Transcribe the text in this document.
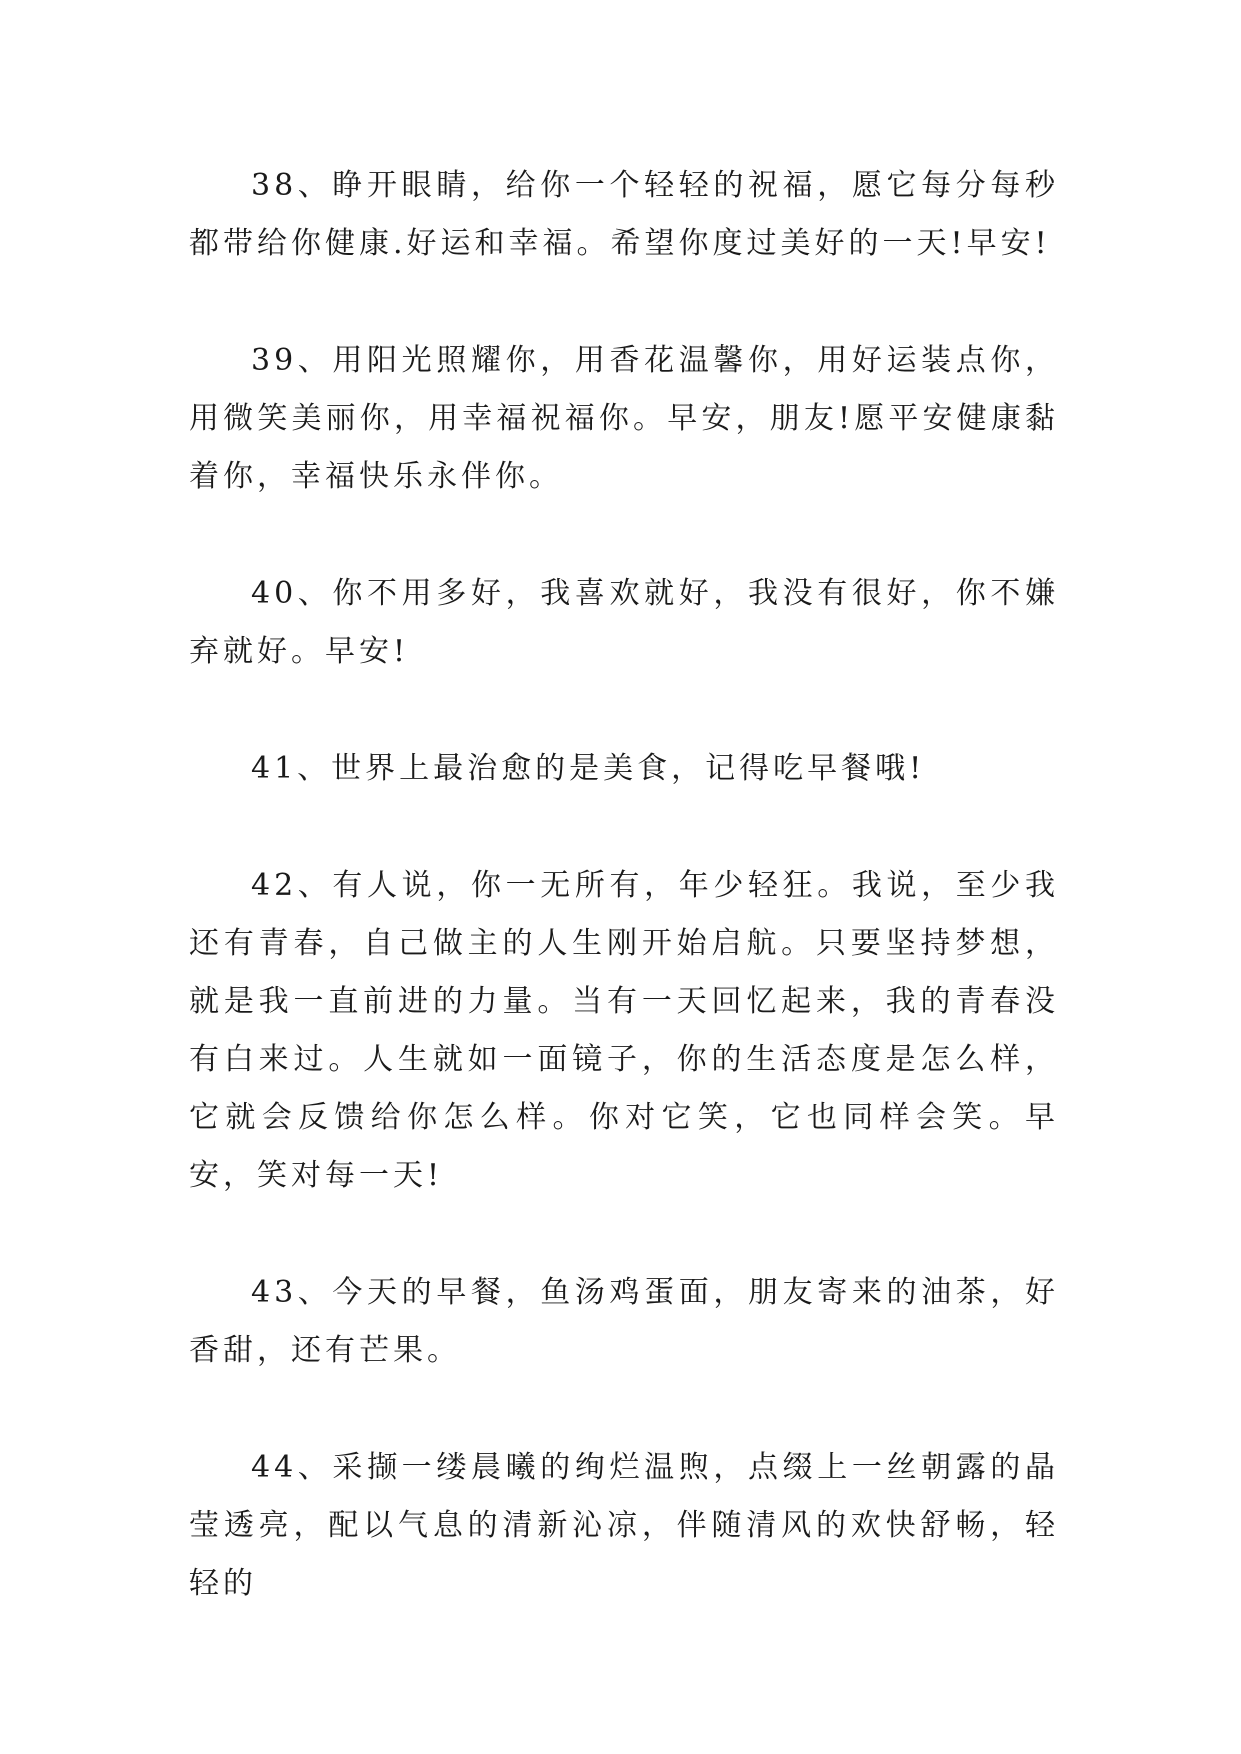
38、睁开眼睛，给你一个轻轻的祝福，愿它每分每秒都带给你健康.好运和幸福。希望你度过美好的一天!早安!

39、用阳光照耀你，用香花温馨你，用好运装点你，用微笑美丽你，用幸福祝福你。早安，朋友!愿平安健康黏着你，幸福快乐永伴你。

40、你不用多好，我喜欢就好，我没有很好，你不嫌弃就好。早安!

41、世界上最治愈的是美食，记得吃早餐哦!

42、有人说，你一无所有，年少轻狂。我说，至少我还有青春，自己做主的人生刚开始启航。只要坚持梦想，就是我一直前进的力量。当有一天回忆起来，我的青春没有白来过。人生就如一面镜子，你的生活态度是怎么样，它就会反馈给你怎么样。你对它笑，它也同样会笑。早安，笑对每一天!

43、今天的早餐，鱼汤鸡蛋面，朋友寄来的油茶，好香甜，还有芒果。

44、采撷一缕晨曦的绚烂温煦，点缀上一丝朝露的晶莹透亮，配以气息的清新沁凉，伴随清风的欢快舒畅，轻轻的
